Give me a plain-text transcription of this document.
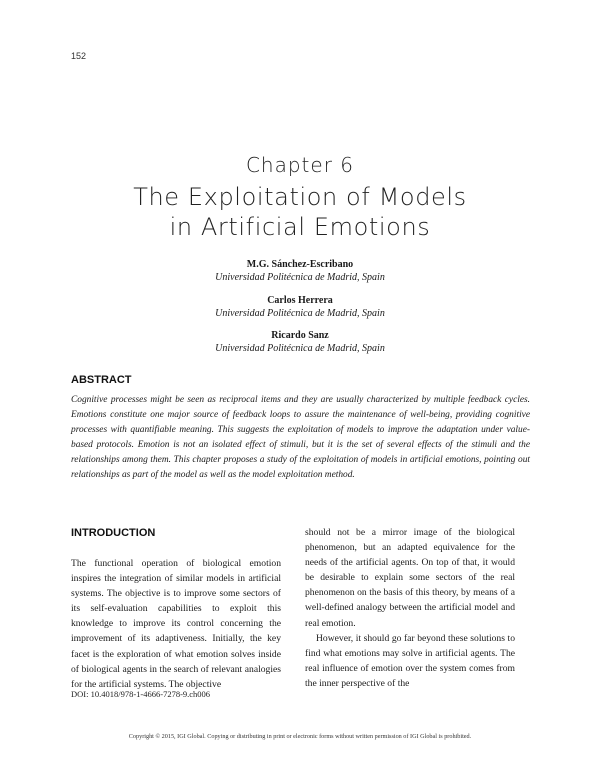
152
Chapter 6
The Exploitation of Models
in Artificial Emotions
M.G. Sánchez-Escribano
Universidad Politécnica de Madrid, Spain
Carlos Herrera
Universidad Politécnica de Madrid, Spain
Ricardo Sanz
Universidad Politécnica de Madrid, Spain
ABSTRACT
Cognitive processes might be seen as reciprocal items and they are usually characterized by multiple feedback cycles. Emotions constitute one major source of feedback loops to assure the maintenance of well-being, providing cognitive processes with quantifiable meaning. This suggests the exploitation of models to improve the adaptation under value-based protocols. Emotion is not an isolated effect of stimuli, but it is the set of several effects of the stimuli and the relationships among them. This chapter proposes a study of the exploitation of models in artificial emotions, pointing out relationships as part of the model as well as the model exploitation method.
INTRODUCTION

The functional operation of biological emotion inspires the integration of similar models in artificial systems. The objective is to improve some sectors of its self-evaluation capabilities to exploit this knowledge to improve its control concerning the improvement of its adaptiveness. Initially, the key facet is the exploration of what emotion solves inside of biological agents in the search of relevant analogies for the artificial systems. The objective

should not be a mirror image of the biological phenomenon, but an adapted equivalence for the needs of the artificial agents. On top of that, it would be desirable to explain some sectors of the real phenomenon on the basis of this theory, by means of a well-defined analogy between the artificial model and real emotion.

However, it should go far beyond these solutions to find what emotions may solve in artificial agents. The real influence of emotion over the system comes from the inner perspective of the

DOI: 10.4018/978-1-4666-7278-9.ch006
Copyright © 2015, IGI Global. Copying or distributing in print or electronic forms without written permission of IGI Global is prohibited.
